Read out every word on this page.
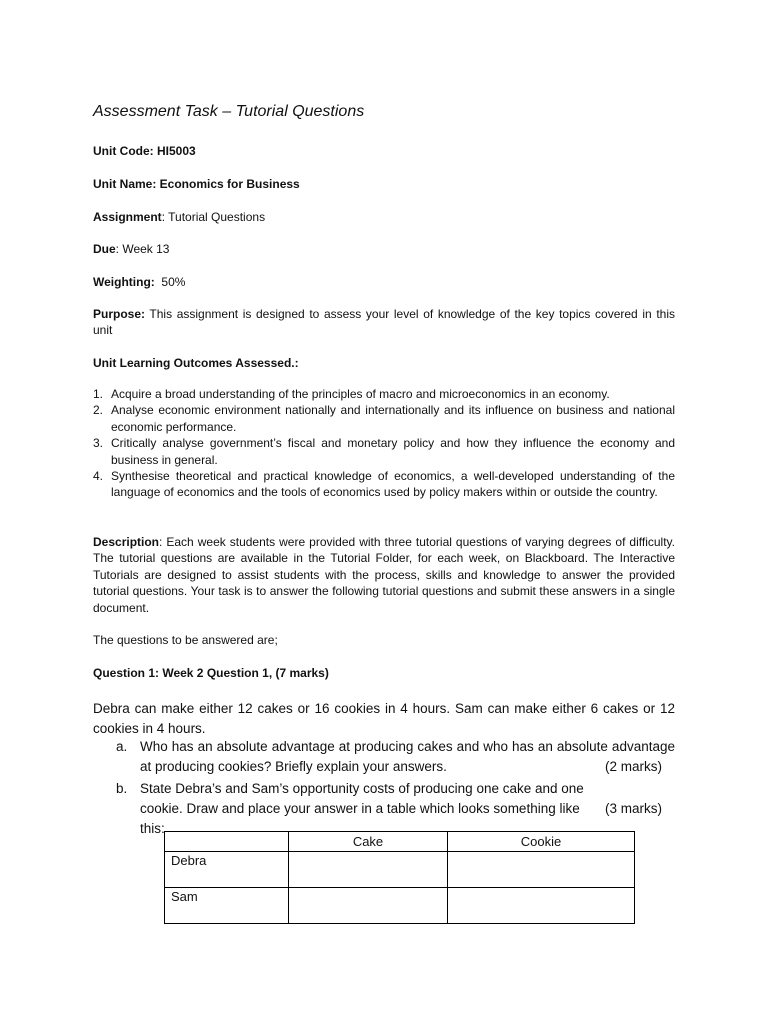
Assessment Task – Tutorial Questions
Unit Code: HI5003
Unit Name: Economics for Business
Assignment: Tutorial Questions
Due: Week 13
Weighting:  50%
Purpose: This assignment is designed to assess your level of knowledge of the key topics covered in this unit
Unit Learning Outcomes Assessed.:
1. Acquire a broad understanding of the principles of macro and microeconomics in an economy.
2. Analyse economic environment nationally and internationally and its influence on business and national economic performance.
3. Critically analyse government’s fiscal and monetary policy and how they influence the economy and business in general.
4. Synthesise theoretical and practical knowledge of economics, a well-developed understanding of the language of economics and the tools of economics used by policy makers within or outside the country.
Description: Each week students were provided with three tutorial questions of varying degrees of difficulty. The tutorial questions are available in the Tutorial Folder, for each week, on Blackboard. The Interactive Tutorials are designed to assist students with the process, skills and knowledge to answer the provided tutorial questions. Your task is to answer the following tutorial questions and submit these answers in a single document.
The questions to be answered are;
Question 1: Week 2 Question 1, (7 marks)
Debra can make either 12 cakes or 16 cookies in 4 hours. Sam can make either 6 cakes or 12 cookies in 4 hours.
a. Who has an absolute advantage at producing cakes and who has an absolute advantage at producing cookies? Briefly explain your answers.	(2 marks)
b. State Debra’s and Sam’s opportunity costs of producing one cake and one cookie. Draw and place your answer in a table which looks something like this:
(3 marks)
	Cake	Cookie
Debra		
Sam		
